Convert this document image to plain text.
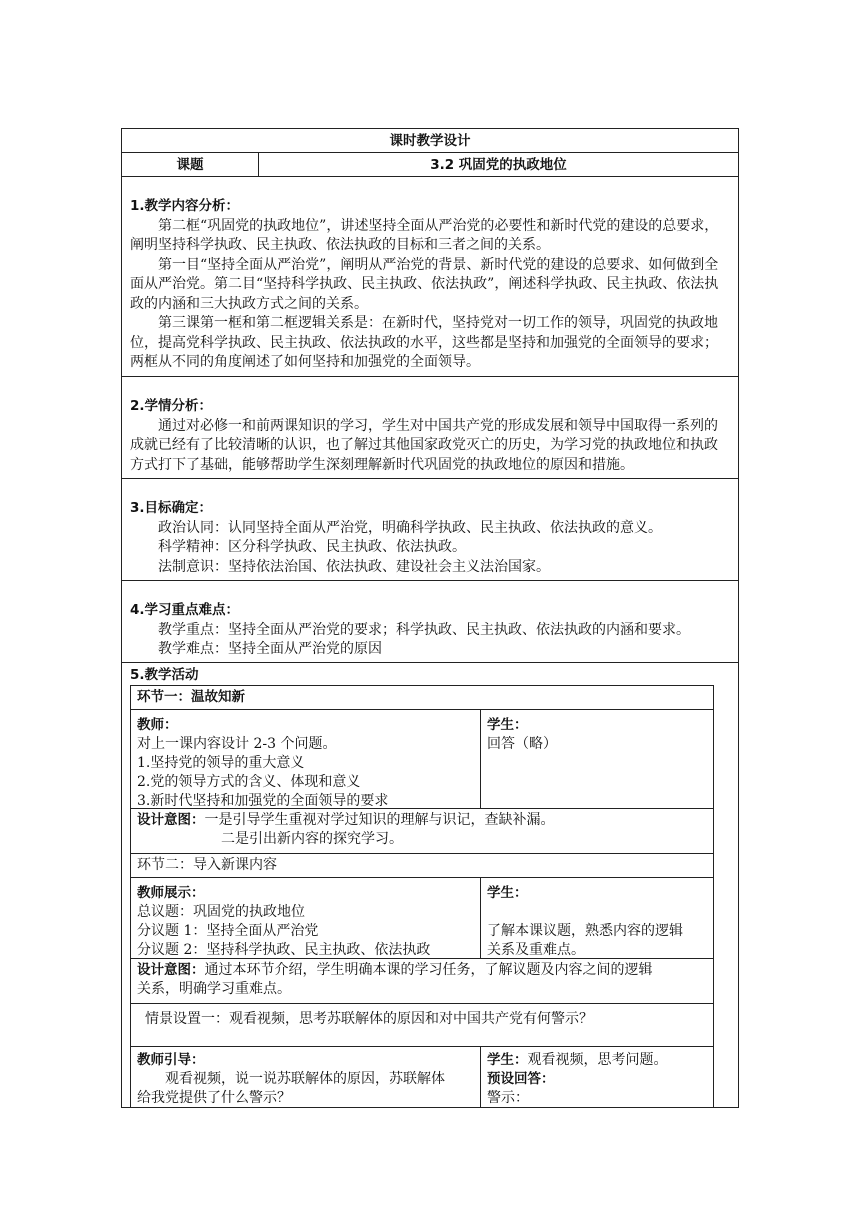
课时教学设计
课题	3.2 巩固党的执政地位
1.教学内容分析：

第二框“巩固党的执政地位”，讲述坚持全面从严治党的必要性和新时代党的建设的总要求，阐明坚持科学执政、民主执政、依法执政的目标和三者之间的关系。

第一目“坚持全面从严治党”，阐明从严治党的背景、新时代党的建设的总要求、如何做到全面从严治党。第二目“坚持科学执政、民主执政、依法执政”，阐述科学执政、民主执政、依法执政的内涵和三大执政方式之间的关系。

第三课第一框和第二框逻辑关系是：在新时代，坚持党对一切工作的领导，巩固党的执政地位，提高党科学执政、民主执政、依法执政的水平，这些都是坚持和加强党的全面领导的要求；两框从不同的角度阐述了如何坚持和加强党的全面领导。

2.学情分析：

通过对必修一和前两课知识的学习，学生对中国共产党的形成发展和领导中国取得一系列的成就已经有了比较清晰的认识，也了解过其他国家政党灭亡的历史，为学习党的执政地位和执政方式打下了基础，能够帮助学生深刻理解新时代巩固党的执政地位的原因和措施。

3.目标确定：

政治认同：认同坚持全面从严治党，明确科学执政、民主执政、依法执政的意义。

科学精神：区分科学执政、民主执政、依法执政。

法制意识：坚持依法治国、依法执政、建设社会主义法治国家。

4.学习重点难点：

教学重点：坚持全面从严治党的要求；科学执政、民主执政、依法执政的内涵和要求。

教学难点：坚持全面从严治党的原因

5.教学活动
环节一：温故知新
教师：
对上一课内容设计 2-3 个问题。
1.坚持党的领导的重大意义
2.党的领导方式的含义、体现和意义
3.新时代坚持和加强党的全面领导的要求
学生：
回答（略）
设计意图：一是引导学生重视对学过知识的理解与识记，查缺补漏。
二是引出新内容的探究学习。
环节二：导入新课内容
教师展示：
总议题：巩固党的执政地位
分议题 1：坚持全面从严治党
分议题 2：坚持科学执政、民主执政、依法执政
学生：
了解本课议题，熟悉内容的逻辑
关系及重难点。
设计意图：通过本环节介绍，学生明确本课的学习任务，了解议题及内容之间的逻辑
关系，明确学习重难点。
情景设置一：观看视频，思考苏联解体的原因和对中国共产党有何警示？
教师引导：
观看视频，说一说苏联解体的原因，苏联解体
给我党提供了什么警示？
学生：观看视频，思考问题。
预设回答：
警示：
